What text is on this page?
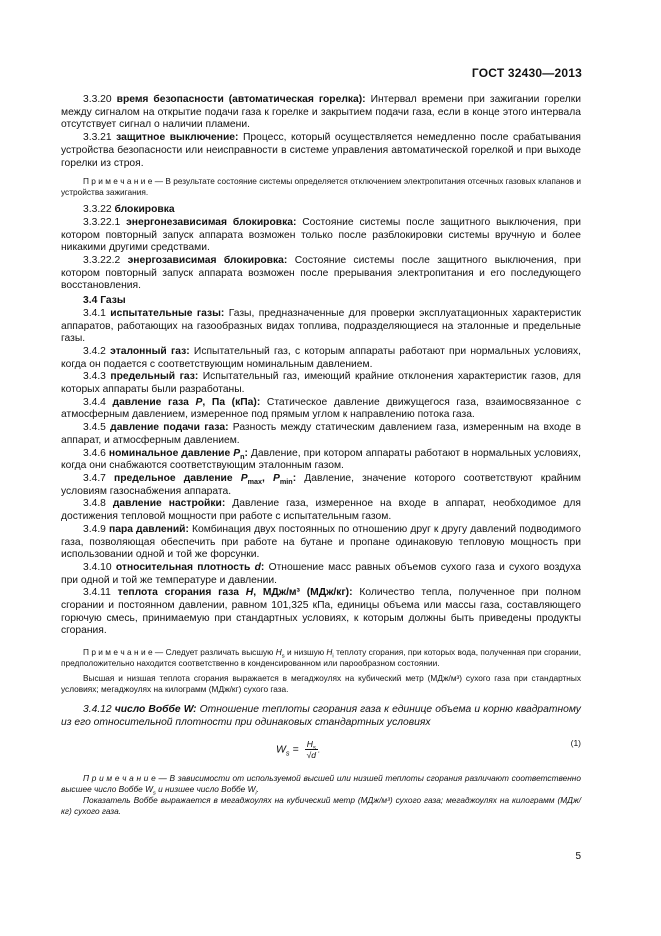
ГОСТ 32430—2013

3.3.20 время безопасности (автоматическая горелка): Интервал времени при зажигании горелки между сигналом на открытие подачи газа к горелке и закрытием подачи газа, если в конце этого интервала отсутствует сигнал о наличии пламени.

3.3.21 защитное выключение: Процесс, который осуществляется немедленно после срабатывания устройства безопасности или неисправности в системе управления автоматической горелкой и при выходе горелки из строя.

П р и м е ч а н и е — В результате состояние системы определяется отключением электропитания отсечных газовых клапанов и устройства зажигания.

3.3.22 блокировка

3.3.22.1 энергонезависимая блокировка: Состояние системы после защитного выключения, при котором повторный запуск аппарата возможен только после разблокировки системы вручную и более никакими другими средствами.

3.3.22.2 энергозависимая блокировка: Состояние системы после защитного выключения, при котором повторный запуск аппарата возможен после прерывания электропитания и его последующего восстановления.

3.4 Газы

3.4.1 испытательные газы: Газы, предназначенные для проверки эксплуатационных характеристик аппаратов, работающих на газообразных видах топлива, подразделяющиеся на эталонные и предельные газы.

3.4.2 эталонный газ: Испытательный газ, с которым аппараты работают при нормальных условиях, когда он подается с соответствующим номинальным давлением.

3.4.3 предельный газ: Испытательный газ, имеющий крайние отклонения характеристик газов, для которых аппараты были разработаны.

3.4.4 давление газа P, Па (кПа): Статическое давление движущегося газа, взаимосвязанное с атмосферным давлением, измеренное под прямым углом к направлению потока газа.

3.4.5 давление подачи газа: Разность между статическим давлением газа, измеренным на входе в аппарат, и атмосферным давлением.

3.4.6 номинальное давление $P_n$: Давление, при котором аппараты работают в нормальных условиях, когда они снабжаются соответствующим эталонным газом.

3.4.7 предельное давление $P_{max}$, $P_{min}$: Давление, значение которого соответствуют крайним условиям газоснабжения аппарата.

3.4.8 давление настройки: Давление газа, измеренное на входе в аппарат, необходимое для достижения тепловой мощности при работе с испытательным газом.

3.4.9 пара давлений: Комбинация двух постоянных по отношению друг к другу давлений подводимого газа, позволяющая обеспечить при работе на бутане и пропане одинаковую тепловую мощность при использовании одной и той же форсунки.

3.4.10 относительная плотность d: Отношение масс равных объемов сухого газа и сухого воздуха при одной и той же температуре и давлении.

3.4.11 теплота сгорания газа H, МДж/м³ (МДж/кг): Количество тепла, полученное при полном сгорании и постоянном давлении, равном 101,325 кПа, единицы объема или массы газа, составляющего горючую смесь, принимаемую при стандартных условиях, к которым должны быть приведены продукты сгорания.

П р и м е ч а н и е — Следует различать высшую $H_s$ и низшую $H_i$ теплоту сгорания, при которых вода, полученная при сгорании, предположительно находится соответственно в конденсированном или парообразном состоянии.

Высшая и низшая теплота сгорания выражается в мегаджоулях на кубический метр (МДж/м³) сухого газа при стандартных условиях; мегаджоулях на килограмм (МДж/кг) сухого газа.

3.4.12 число Воббе W: Отношение теплоты сгорания газа к единице объема и корню квадратному из его относительной плотности при одинаковых стандартных условиях

$W_s = \frac{H_s}{√d}$ .
(1)

П р и м е ч а н и е — В зависимости от используемой высшей или низшей теплоты сгорания различают соответственно высшее число Воббе $W_s$ и низшее число Воббе $W_i$.

Показатель Воббе выражается в мегаджоулях на кубический метр (МДж/м³) сухого газа; мегаджоулях на килограмм (МДж/кг) сухого газа.

5
